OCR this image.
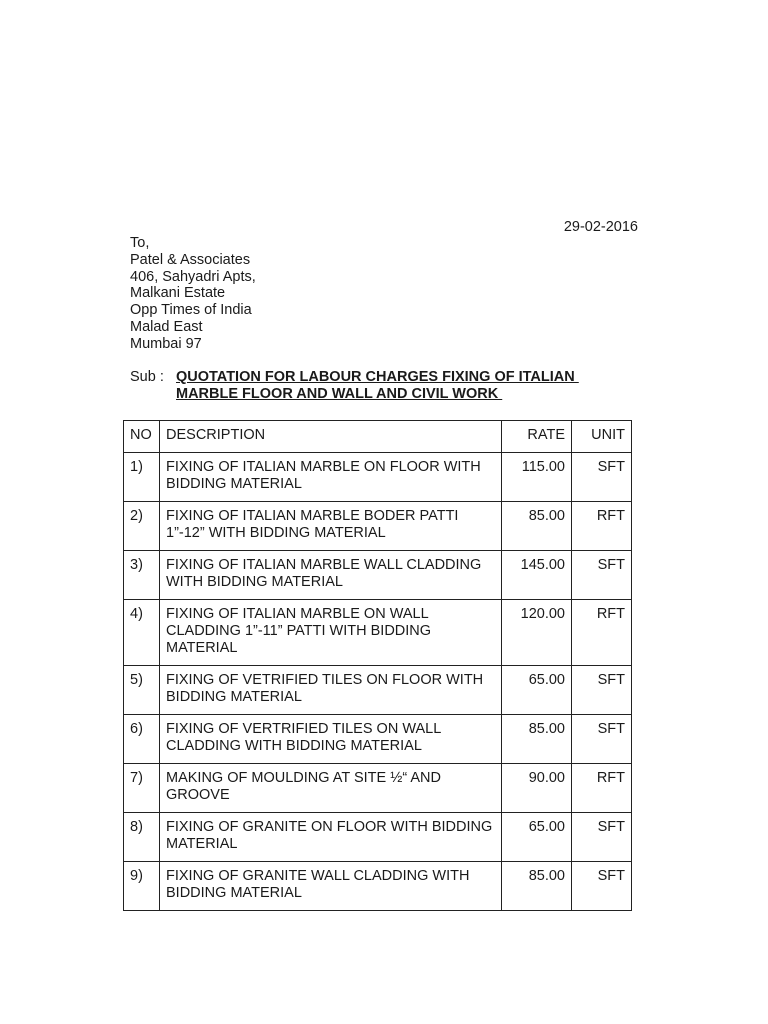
29-02-2016
To,
Patel & Associates
406, Sahyadri Apts,
Malkani Estate
Opp Times of India
Malad East
Mumbai 97
Sub : QUOTATION FOR LABOUR CHARGES FIXING OF ITALIAN
MARBLE FLOOR AND WALL AND CIVIL WORK
NO	DESCRIPTION	RATE	UNIT
1)	FIXING OF ITALIAN MARBLE ON FLOOR WITH BIDDING MATERIAL	115.00	SFT
2)	FIXING OF ITALIAN MARBLE BODER PATTI 1”-12” WITH BIDDING MATERIAL	85.00	RFT
3)	FIXING OF ITALIAN MARBLE WALL CLADDING WITH BIDDING MATERIAL	145.00	SFT
4)	FIXING OF ITALIAN MARBLE ON WALL CLADDING 1”-11” PATTI WITH BIDDING MATERIAL	120.00	RFT
5)	FIXING OF VETRIFIED TILES ON FLOOR WITH BIDDING MATERIAL	65.00	SFT
6)	FIXING OF VERTRIFIED TILES ON WALL CLADDING WITH BIDDING MATERIAL	85.00	SFT
7)	MAKING OF MOULDING AT SITE ½“ AND GROOVE	90.00	RFT
8)	FIXING OF GRANITE ON FLOOR WITH BIDDING MATERIAL	65.00	SFT
9)	FIXING OF GRANITE WALL CLADDING WITH BIDDING MATERIAL	85.00	SFT
